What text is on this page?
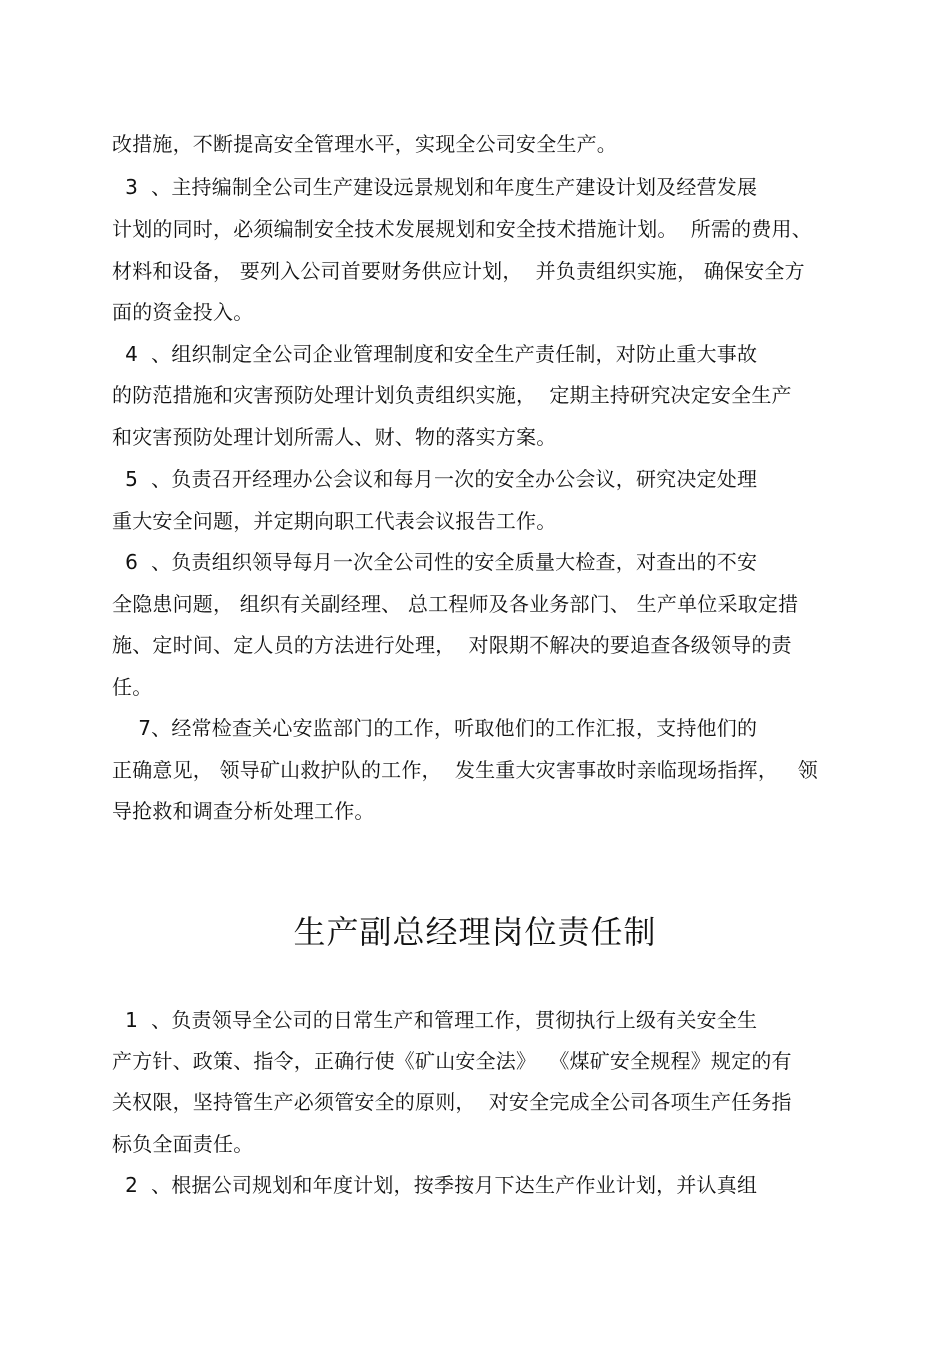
改措施，不断提高安全管理水平，实现全公司安全生产。
3  、主持编制全公司生产建设远景规划和年度生产建设计划及经营发展
计划的同时，必须编制安全技术发展规划和安全技术措施计划。  所需的费用、
材料和设备， 要列入公司首要财务供应计划，  并负责组织实施， 确保安全方
面的资金投入。
4  、组织制定全公司企业管理制度和安全生产责任制，对防止重大事故
的防范措施和灾害预防处理计划负责组织实施，  定期主持研究决定安全生产
和灾害预防处理计划所需人、财、物的落实方案。
5  、负责召开经理办公会议和每月一次的安全办公会议，研究决定处理
重大安全问题，并定期向职工代表会议报告工作。
6  、负责组织领导每月一次全公司性的安全质量大检查，对查出的不安
全隐患问题， 组织有关副经理、 总工程师及各业务部门、 生产单位采取定措
施、定时间、定人员的方法进行处理，  对限期不解决的要追查各级领导的责
任。
7、经常检查关心安监部门的工作，听取他们的工作汇报，支持他们的
正确意见， 领导矿山救护队的工作，  发生重大灾害事故时亲临现场指挥，   领
导抢救和调查分析处理工作。
生产副总经理岗位责任制
1  、负责领导全公司的日常生产和管理工作，贯彻执行上级有关安全生
产方针、政策、指令，正确行使《矿山安全法》  《煤矿安全规程》规定的有
关权限，坚持管生产必须管安全的原则，  对安全完成全公司各项生产任务指
标负全面责任。
2  、根据公司规划和年度计划，按季按月下达生产作业计划，并认真组
